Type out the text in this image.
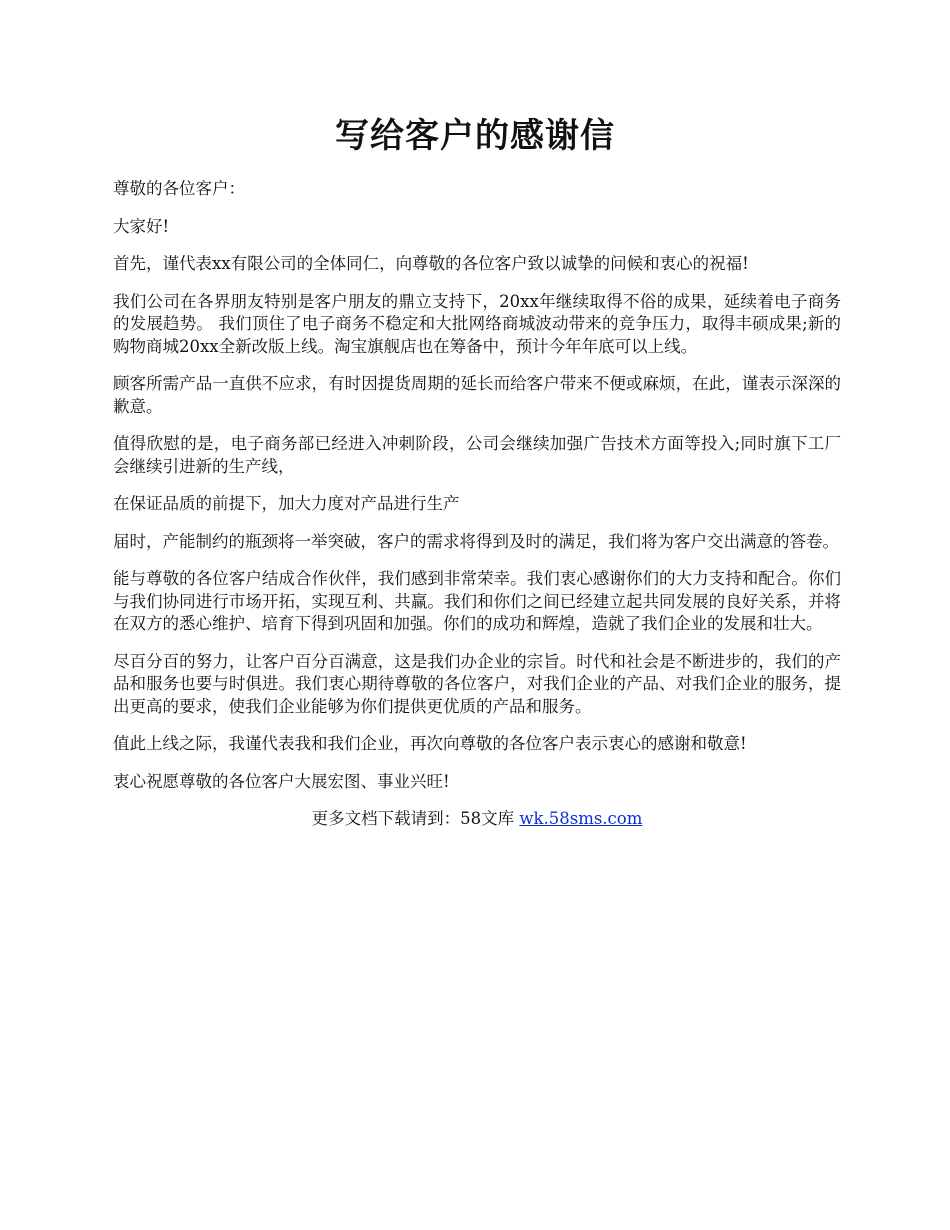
写给客户的感谢信

尊敬的各位客户：

大家好!

首先，谨代表xx有限公司的全体同仁，向尊敬的各位客户致以诚挚的问候和衷心的祝福!

我们公司在各界朋友特别是客户朋友的鼎立支持下，20xx年继续取得不俗的成果，延续着电子商务的发展趋势。 我们顶住了电子商务不稳定和大批网络商城波动带来的竞争压力，取得丰硕成果;新的购物商城20xx全新改版上线。淘宝旗舰店也在筹备中，预计今年年底可以上线。

顾客所需产品一直供不应求，有时因提货周期的延长而给客户带来不便或麻烦，在此，谨表示深深的歉意。

值得欣慰的是，电子商务部已经进入冲刺阶段，公司会继续加强广告技术方面等投入;同时旗下工厂会继续引进新的生产线，

在保证品质的前提下，加大力度对产品进行生产

届时，产能制约的瓶颈将一举突破，客户的需求将得到及时的满足，我们将为客户交出满意的答卷。

能与尊敬的各位客户结成合作伙伴，我们感到非常荣幸。我们衷心感谢你们的大力支持和配合。你们与我们协同进行市场开拓，实现互利、共赢。我们和你们之间已经建立起共同发展的良好关系，并将在双方的悉心维护、培育下得到巩固和加强。你们的成功和辉煌，造就了我们企业的发展和壮大。

尽百分百的努力，让客户百分百满意，这是我们办企业的宗旨。时代和社会是不断进步的，我们的产品和服务也要与时俱进。我们衷心期待尊敬的各位客户，对我们企业的产品、对我们企业的服务，提出更高的要求，使我们企业能够为你们提供更优质的产品和服务。

值此上线之际，我谨代表我和我们企业，再次向尊敬的各位客户表示衷心的感谢和敬意!

衷心祝愿尊敬的各位客户大展宏图、事业兴旺!

更多文档下载请到：58文库 wk.58sms.com
